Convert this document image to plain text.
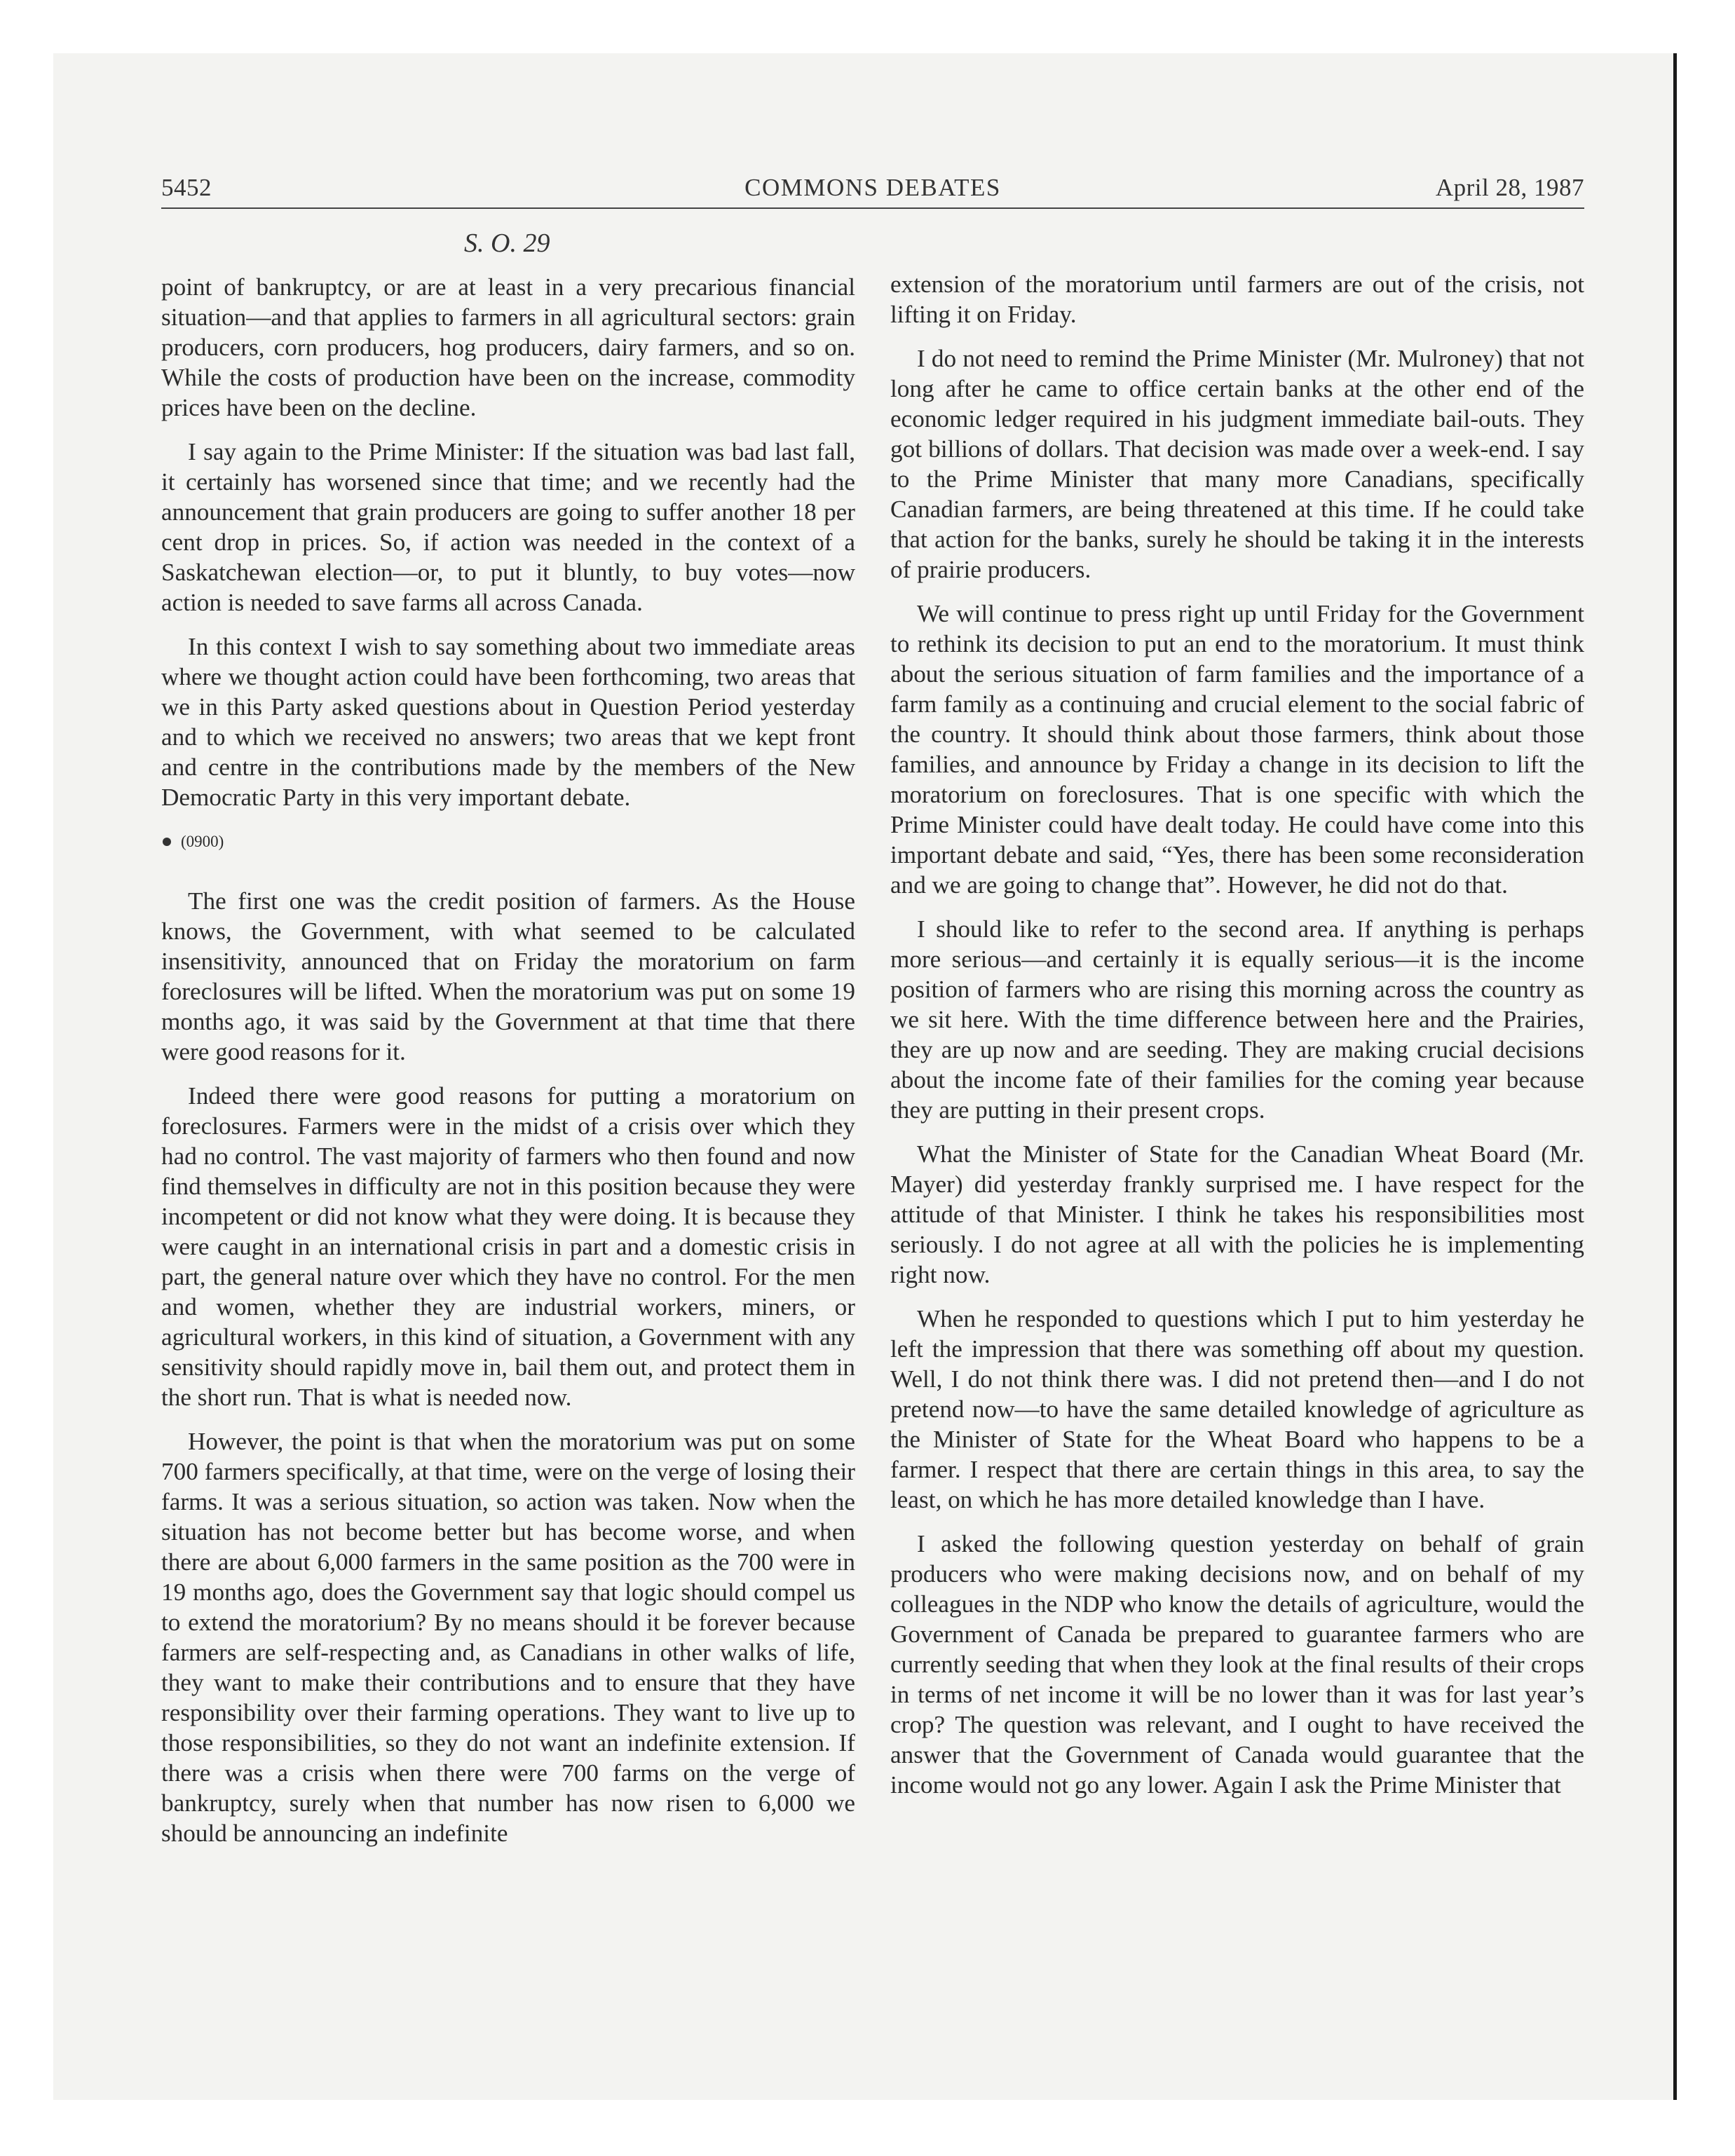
5452	COMMONS DEBATES	April 28, 1987
S. O. 29

point of bankruptcy, or are at least in a very precarious financial situation—and that applies to farmers in all agricultural sectors: grain producers, corn producers, hog producers, dairy farmers, and so on. While the costs of production have been on the increase, commodity prices have been on the decline.

I say again to the Prime Minister: If the situation was bad last fall, it certainly has worsened since that time; and we recently had the announcement that grain producers are going to suffer another 18 per cent drop in prices. So, if action was needed in the context of a Saskatchewan election—or, to put it bluntly, to buy votes—now action is needed to save farms all across Canada.

In this context I wish to say something about two immediate areas where we thought action could have been forthcoming, two areas that we in this Party asked questions about in Question Period yesterday and to which we received no answers; two areas that we kept front and centre in the contributions made by the members of the New Democratic Party in this very important debate.

(0900)

The first one was the credit position of farmers. As the House knows, the Government, with what seemed to be calculated insensitivity, announced that on Friday the moratorium on farm foreclosures will be lifted. When the moratorium was put on some 19 months ago, it was said by the Government at that time that there were good reasons for it.

Indeed there were good reasons for putting a moratorium on foreclosures. Farmers were in the midst of a crisis over which they had no control. The vast majority of farmers who then found and now find themselves in difficulty are not in this position because they were incompetent or did not know what they were doing. It is because they were caught in an international crisis in part and a domestic crisis in part, the general nature over which they have no control. For the men and women, whether they are industrial workers, miners, or agricultural workers, in this kind of situation, a Government with any sensitivity should rapidly move in, bail them out, and protect them in the short run. That is what is needed now.

However, the point is that when the moratorium was put on some 700 farmers specifically, at that time, were on the verge of losing their farms. It was a serious situation, so action was taken. Now when the situation has not become better but has become worse, and when there are about 6,000 farmers in the same position as the 700 were in 19 months ago, does the Government say that logic should compel us to extend the moratorium? By no means should it be forever because farmers are self-respecting and, as Canadians in other walks of life, they want to make their contributions and to ensure that they have responsibility over their farming operations. They want to live up to those responsibilities, so they do not want an indefinite extension. If there was a crisis when there were 700 farms on the verge of bankruptcy, surely when that number has now risen to 6,000 we should be announcing an indefinite

extension of the moratorium until farmers are out of the crisis, not lifting it on Friday.

I do not need to remind the Prime Minister (Mr. Mulroney) that not long after he came to office certain banks at the other end of the economic ledger required in his judgment immediate bail-outs. They got billions of dollars. That decision was made over a week-end. I say to the Prime Minister that many more Canadians, specifically Canadian farmers, are being threatened at this time. If he could take that action for the banks, surely he should be taking it in the interests of prairie producers.

We will continue to press right up until Friday for the Government to rethink its decision to put an end to the moratorium. It must think about the serious situation of farm families and the importance of a farm family as a continuing and crucial element to the social fabric of the country. It should think about those farmers, think about those families, and announce by Friday a change in its decision to lift the moratorium on foreclosures. That is one specific with which the Prime Minister could have dealt today. He could have come into this important debate and said, “Yes, there has been some reconsideration and we are going to change that”. However, he did not do that.

I should like to refer to the second area. If anything is perhaps more serious—and certainly it is equally serious—it is the income position of farmers who are rising this morning across the country as we sit here. With the time difference between here and the Prairies, they are up now and are seeding. They are making crucial decisions about the income fate of their families for the coming year because they are putting in their present crops.

What the Minister of State for the Canadian Wheat Board (Mr. Mayer) did yesterday frankly surprised me. I have respect for the attitude of that Minister. I think he takes his responsibilities most seriously. I do not agree at all with the policies he is implementing right now.

When he responded to questions which I put to him yesterday he left the impression that there was something off about my question. Well, I do not think there was. I did not pretend then—and I do not pretend now—to have the same detailed knowledge of agriculture as the Minister of State for the Wheat Board who happens to be a farmer. I respect that there are certain things in this area, to say the least, on which he has more detailed knowledge than I have.

I asked the following question yesterday on behalf of grain producers who were making decisions now, and on behalf of my colleagues in the NDP who know the details of agriculture, would the Government of Canada be prepared to guarantee farmers who are currently seeding that when they look at the final results of their crops in terms of net income it will be no lower than it was for last year’s crop? The question was relevant, and I ought to have received the answer that the Government of Canada would guarantee that the income would not go any lower. Again I ask the Prime Minister that
